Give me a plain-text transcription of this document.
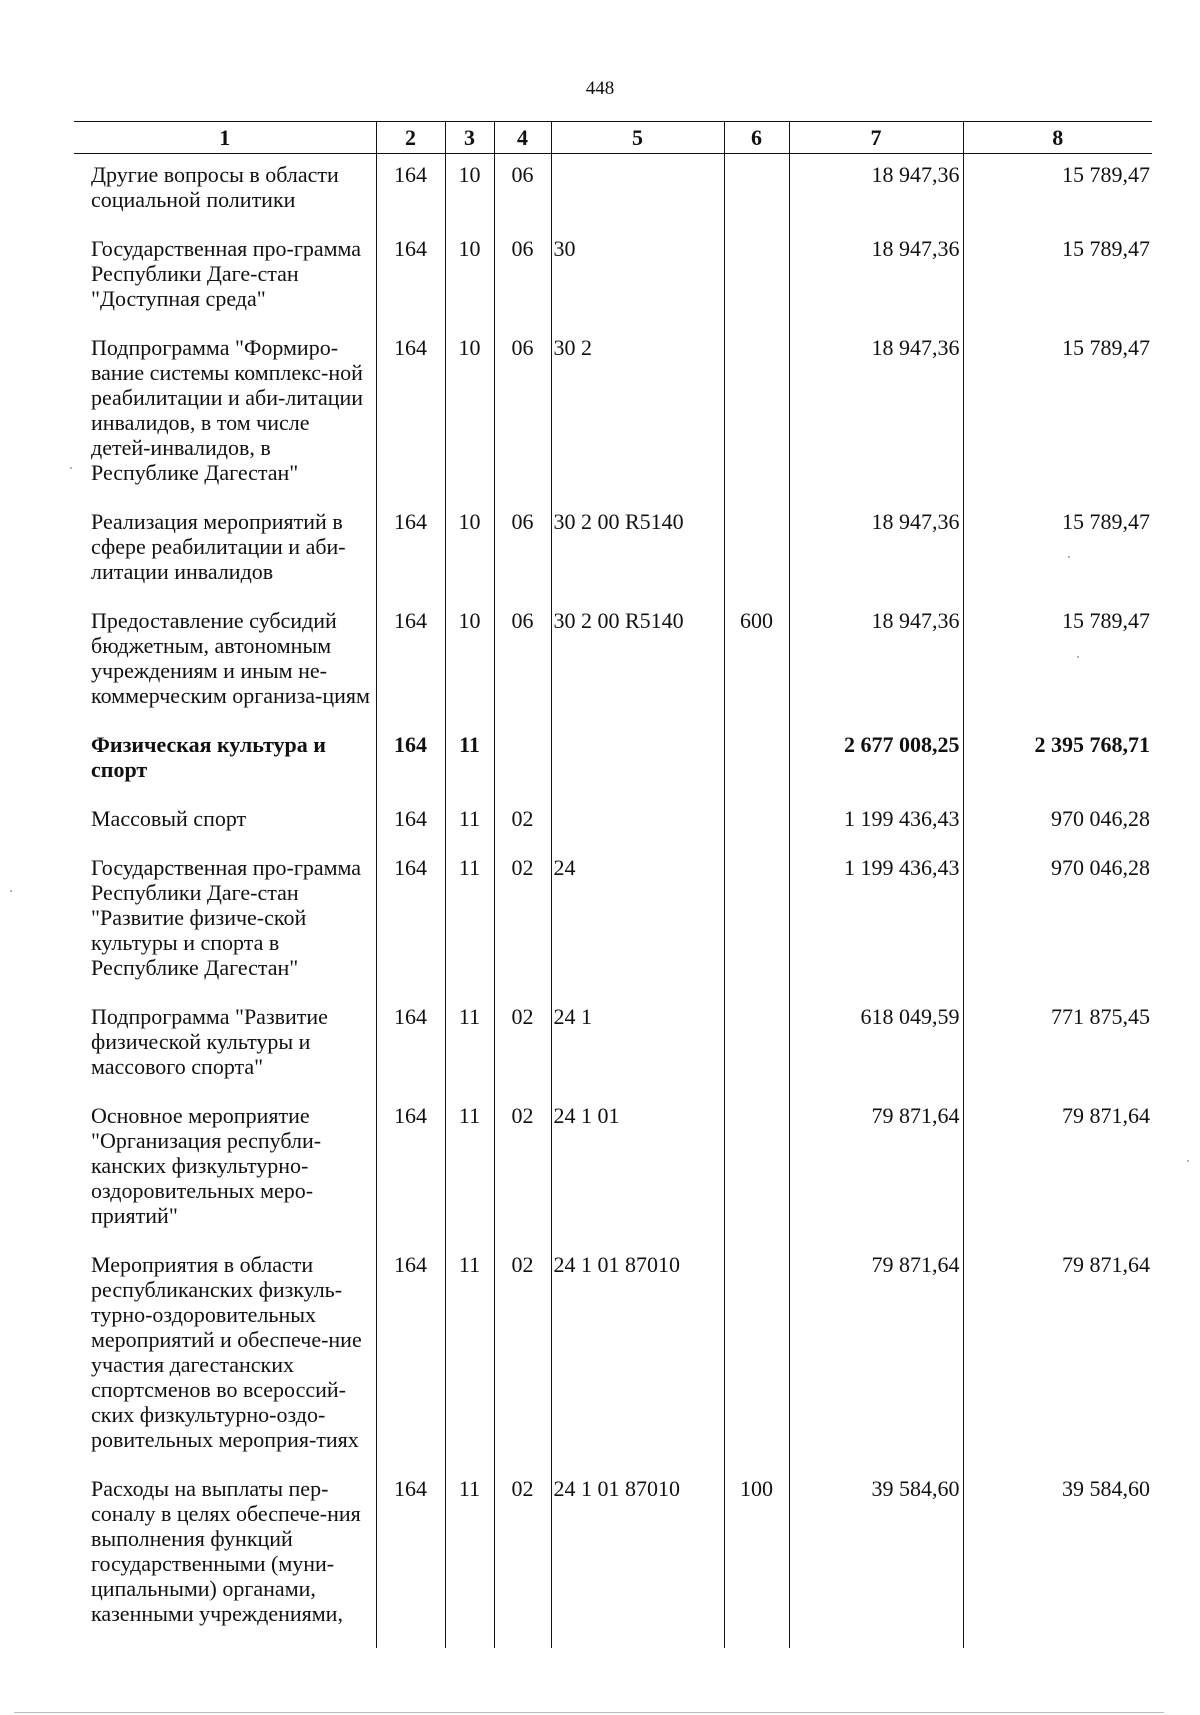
448
1	2	3	4	5	6	7	8
Другие вопросы в области социальной политики	164	10	06			18 947,36	15 789,47
Государственная про-грамма Республики Даге-стан "Доступная среда"	164	10	06	30		18 947,36	15 789,47
Подпрограмма "Формиро-вание системы комплекс-ной реабилитации и аби-литации инвалидов, в том числе детей-инвалидов, в Республике Дагестан"	164	10	06	30 2		18 947,36	15 789,47
Реализация мероприятий в сфере реабилитации и аби-литации инвалидов	164	10	06	30 2 00 R5140		18 947,36	15 789,47
Предоставление субсидий бюджетным, автономным учреждениям и иным не-коммерческим организа-циям	164	10	06	30 2 00 R5140	600	18 947,36	15 789,47
Физическая культура и спорт	164	11				2 677 008,25	2 395 768,71
Массовый спорт	164	11	02			1 199 436,43	970 046,28
Государственная про-грамма Республики Даге-стан "Развитие физиче-ской культуры и спорта в Республике Дагестан"	164	11	02	24		1 199 436,43	970 046,28
Подпрограмма "Развитие физической культуры и массового спорта"	164	11	02	24 1		618 049,59	771 875,45
Основное мероприятие "Организация республи-канских физкультурно-оздоровительных меро-приятий"	164	11	02	24 1 01		79 871,64	79 871,64
Мероприятия в области республиканских физкуль-турно-оздоровительных мероприятий и обеспече-ние участия дагестанских спортсменов во всероссий-ских физкультурно-оздо-ровительных мероприя-тиях	164	11	02	24 1 01 87010		79 871,64	79 871,64
Расходы на выплаты пер-соналу в целях обеспече-ния выполнения функций государственными (муни-ципальными) органами, казенными учреждениями,	164	11	02	24 1 01 87010	100	39 584,60	39 584,60
